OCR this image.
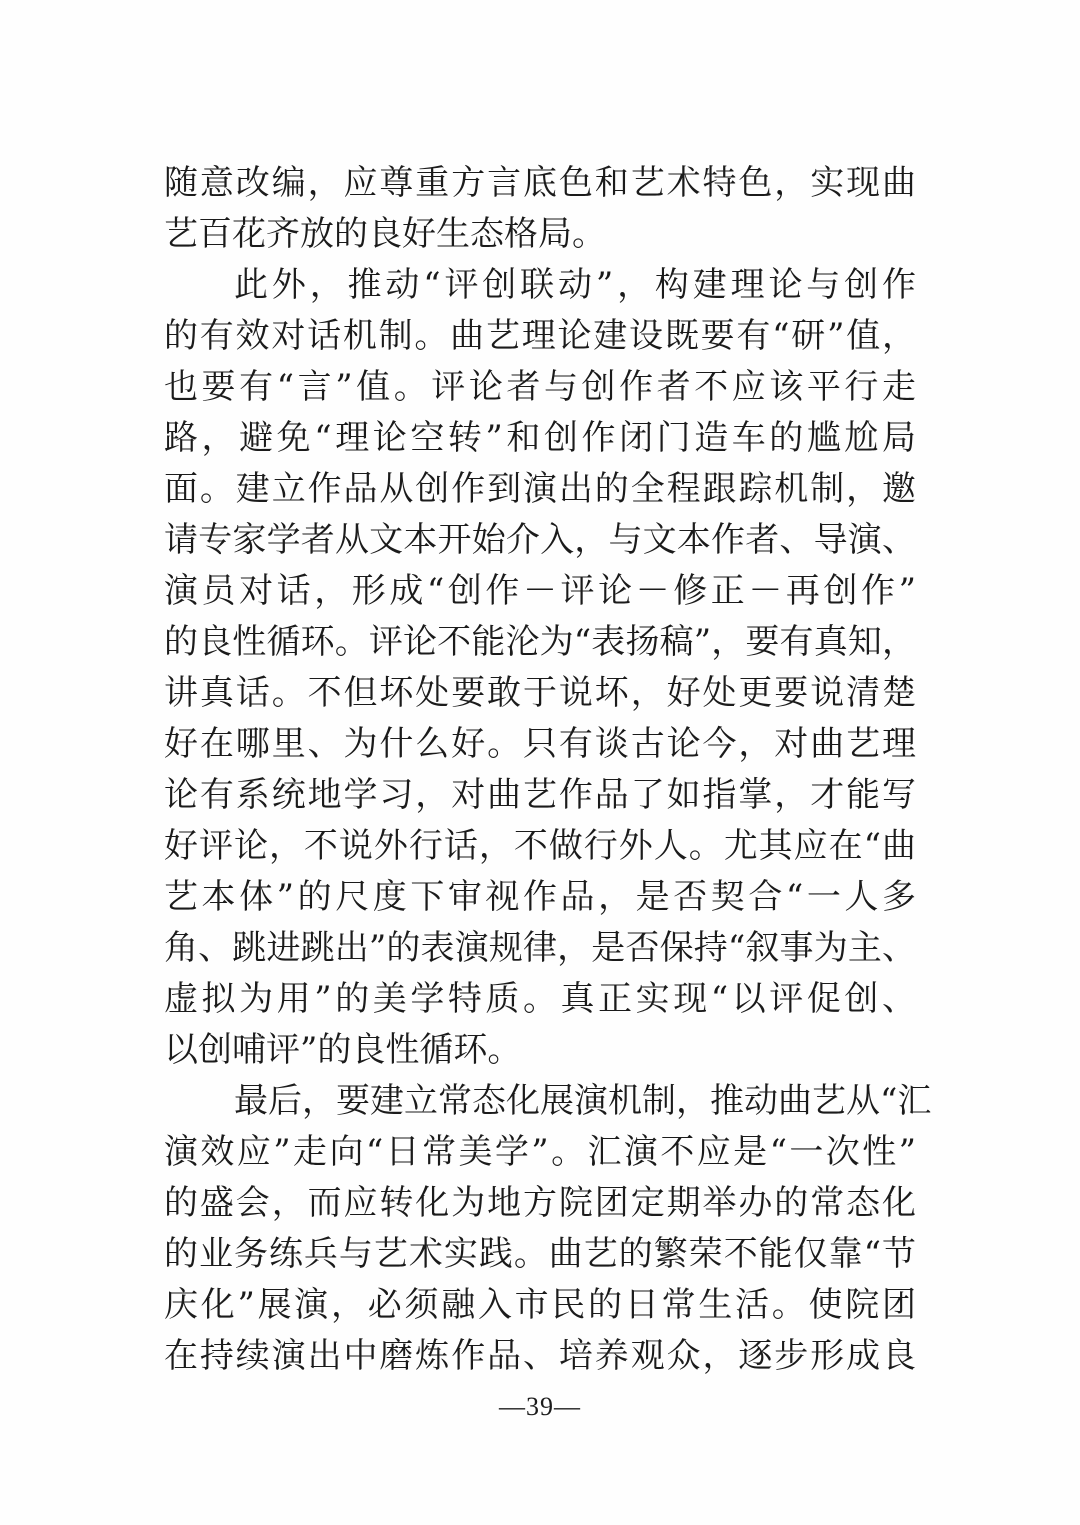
随意改编，应尊重方言底色和艺术特色，实现曲
艺百花齐放的良好生态格局。
此外，推动“评创联动”，构建理论与创作
的有效对话机制。曲艺理论建设既要有“研”值，
也要有“言”值。评论者与创作者不应该平行走
路，避免“理论空转”和创作闭门造车的尴尬局
面。建立作品从创作到演出的全程跟踪机制，邀
请专家学者从文本开始介入，与文本作者、导演、
演员对话，形成“创作－评论－修正－再创作”
的良性循环。评论不能沦为“表扬稿”，要有真知，
讲真话。不但坏处要敢于说坏，好处更要说清楚
好在哪里、为什么好。只有谈古论今，对曲艺理
论有系统地学习，对曲艺作品了如指掌，才能写
好评论，不说外行话，不做行外人。尤其应在“曲
艺本体”的尺度下审视作品，是否契合“一人多
角、跳进跳出”的表演规律，是否保持“叙事为主、
虚拟为用”的美学特质。真正实现“以评促创、
以创哺评”的良性循环。
最后，要建立常态化展演机制，推动曲艺从“汇
演效应”走向“日常美学”。汇演不应是“一次性”
的盛会，而应转化为地方院团定期举办的常态化
的业务练兵与艺术实践。曲艺的繁荣不能仅靠“节
庆化”展演，必须融入市民的日常生活。使院团
在持续演出中磨炼作品、培养观众，逐步形成良
—39—
